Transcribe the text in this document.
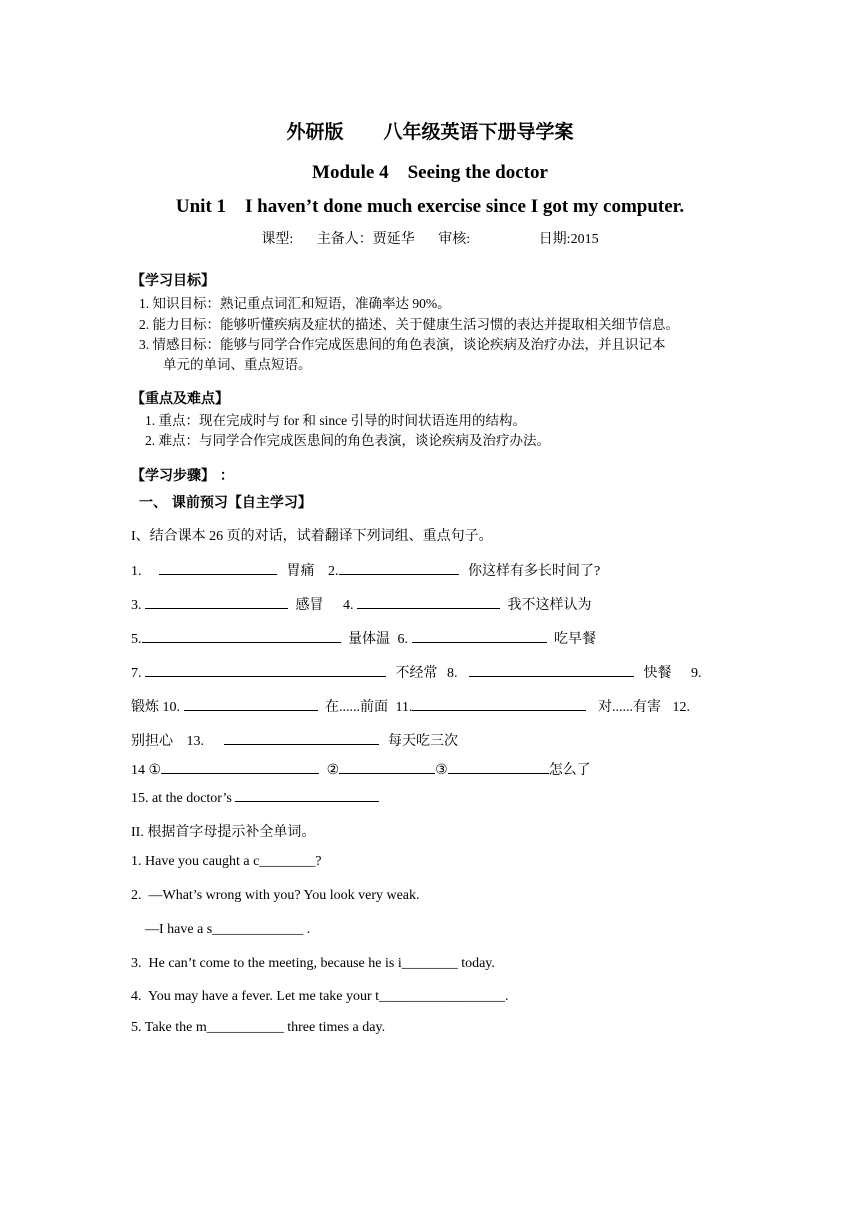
外研版 八年级英语下册导学案
Module 4    Seeing the doctor
Unit 1    I haven’t done much exercise since I got my computer.
课型: 主备人：贾延华 审核:	日期:2015
【学习目标】
1. 知识目标：熟记重点词汇和短语，准确率达 90%。
2. 能力目标：能够听懂疾病及症状的描述、关于健康生活习惯的表达并提取相关细节信息。
3. 情感目标：能够与同学合作完成医患间的角色表演，谈论疾病及治疗办法，并且识记本
单元的单词、重点短语。
【重点及难点】
1. 重点：现在完成时与 for 和 since 引导的时间状语连用的结构。
2. 难点：与同学合作完成医患间的角色表演，谈论疾病及治疗办法。
【学习步骤】 ：
一、 课前预习【自主学习】
I、结合课本 26 页的对话，试着翻译下列词组、重点句子。
1.	胃痛 2.	你这样有多长时间了?
3.	感冒 4.	我不这样认为
5.	量体温 6.	吃早餐
7.	不经常 8.	快餐 9.
锻炼 10.	在......前面 11.	对......有害 12.
别担心 13.	每天吃三次
14 ①	②	③	怎么了
15. at the doctor’s
II. 根据首字母提示补全单词。
1. Have you caught a c________?
2.  —What’s wrong with you? You look very weak.
—I have a s_____________ .
3.  He can’t come to the meeting, because he is i________ today.
4.  You may have a fever. Let me take your t__________________.
5. Take the m___________ three times a day.
